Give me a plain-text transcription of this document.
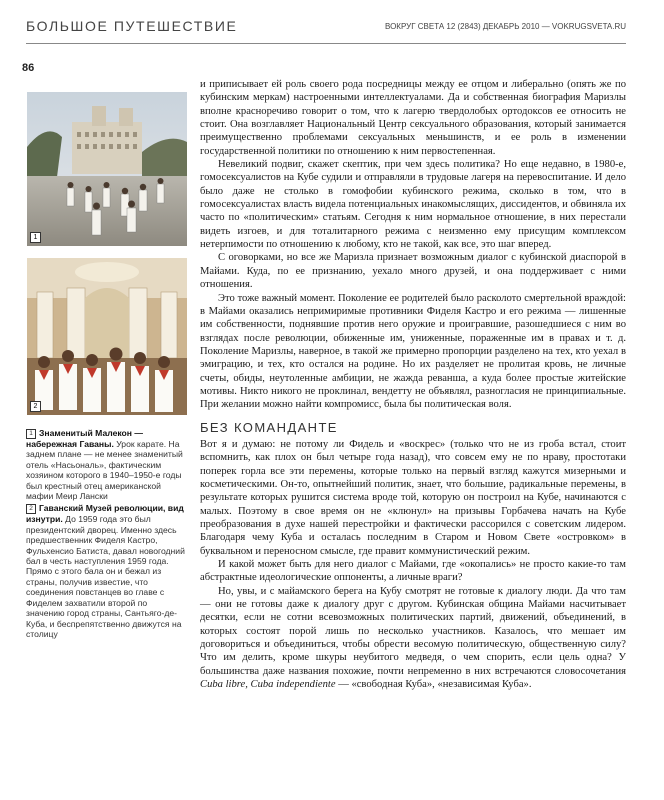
БОЛЬШОЕ ПУТЕШЕСТВИЕ	ВОКРУГ СВЕТА 12 (2843) ДЕКАБРЬ 2010 — VOKRUGSVETA.RU
86
1
2
1 Знаменитый Малекон — набережная Гаваны. Урок карате. На заднем плане — не менее знаменитый отель «Насьональ», фактическим хозяином которого в 1940–1950-е годы был крестный отец американской мафии Меир Лански
2 Гаванский Музей революции, вид изнутри. До 1959 года это был президентский дворец. Именно здесь предшественник Фиделя Кастро, Фульхенсио Батиста, давал новогодний бал в честь наступления 1959 года. Прямо с этого бала он и бежал из страны, получив известие, что соединения повстанцев во главе с Фиделем захватили второй по значению город страны, Сантьяго-де-Куба, и беспрепятственно движутся на столицу

и приписывает ей роль своего рода посредницы между ее отцом и либерально (опять же по кубинским меркам) настроенными интеллектуалами. Да и собственная биография Маризлы вполне красноречиво говорит о том, что к лагерю твердолобых ортодоксов ее относить не стоит. Она возглавляет Национальный Центр сексуального образования, который занимается преимущественно проблемами сексуальных меньшинств, и ее роль в изменении государственной политики по отношению к ним первостепенная.

Невеликий подвиг, скажет скептик, при чем здесь политика? Но еще недавно, в 1980-е, гомосексуалистов на Кубе судили и отправляли в трудовые лагеря на перевоспитание. И дело было даже не столько в гомофобии кубинского режима, сколько в том, что в гомосексуалистах власть видела потенциальных инакомыслящих, диссидентов, и обвиняла их часто по «политическим» статьям. Сегодня к ним нормальное отношение, в них перестали видеть изгоев, и для тоталитарного режима с неизменно ему присущим комплексом нетерпимости по отношению к любому, кто не такой, как все, это шаг вперед.

С оговорками, но все же Маризла признает возможным диалог с кубинской диаспорой в Майами. Куда, по ее признанию, уехало много друзей, и она поддерживает с ними отношения.

Это тоже важный момент. Поколение ее родителей было расколото смертельной враждой: в Майами оказались непримиримые противники Фиделя Кастро и его режима — лишенные им собственности, поднявшие против него оружие и проигравшие, разошедшиеся с ним во взглядах после революции, обиженные им, униженные, пораженные им в правах и т. д. Поколение Маризлы, наверное, в такой же примерно пропорции разделено на тех, кто уехал в эмиграцию, и тех, кто остался на родине. Но их разделяет не пролитая кровь, не личные счеты, обиды, неутоленные амбиции, не жажда реванша, а куда более простые житейские мотивы. Никто никого не проклинал, вендетту не объявлял, разногласия не принципиальные. При желании можно найти компромисс, была бы политическая воля.

БЕЗ КОМАНДАНТЕ

Вот я и думаю: не потому ли Фидель и «воскрес» (только что не из гроба встал, стоит вспомнить, как плох он был четыре года назад), что совсем ему не по нраву, простотаки поперек горла все эти перемены, которые только на первый взгляд кажутся мизерными и косметическими. Он-то, опытнейший политик, знает, что большие, радикальные перемены, в результате которых рушится система вроде той, которую он построил на Кубе, начинаются с малых. Поэтому в свое время он не «клюнул» на призывы Горбачева начать на Кубе преобразования в духе нашей перестройки и фактически рассорился с советским лидером. Благодаря чему Куба и осталась последним в Старом и Новом Свете «островком» в буквальном и переносном смысле, где правит коммунистический режим.

И какой может быть для него диалог с Майами, где «окопались» не просто какие-то там абстрактные идеологические оппоненты, а личные враги?

Но, увы, и с майамского берега на Кубу смотрят не готовые к диалогу люди. Да что там — они не готовы даже к диалогу друг с другом. Кубинская община Майами насчитывает десятки, если не сотни всевозможных политических партий, движений, объединений, в которых состоят порой лишь по несколько участников. Казалось, что мешает им договориться и объединиться, чтобы обрести весомую политическую, общественную силу? Что им делить, кроме шкуры неубитого медведя, о чем спорить, если цель одна? У большинства даже названия похожие, почти непременно в них встречаются словосочетания Cuba libre, Cuba independiente — «свободная Куба», «независимая Куба».
